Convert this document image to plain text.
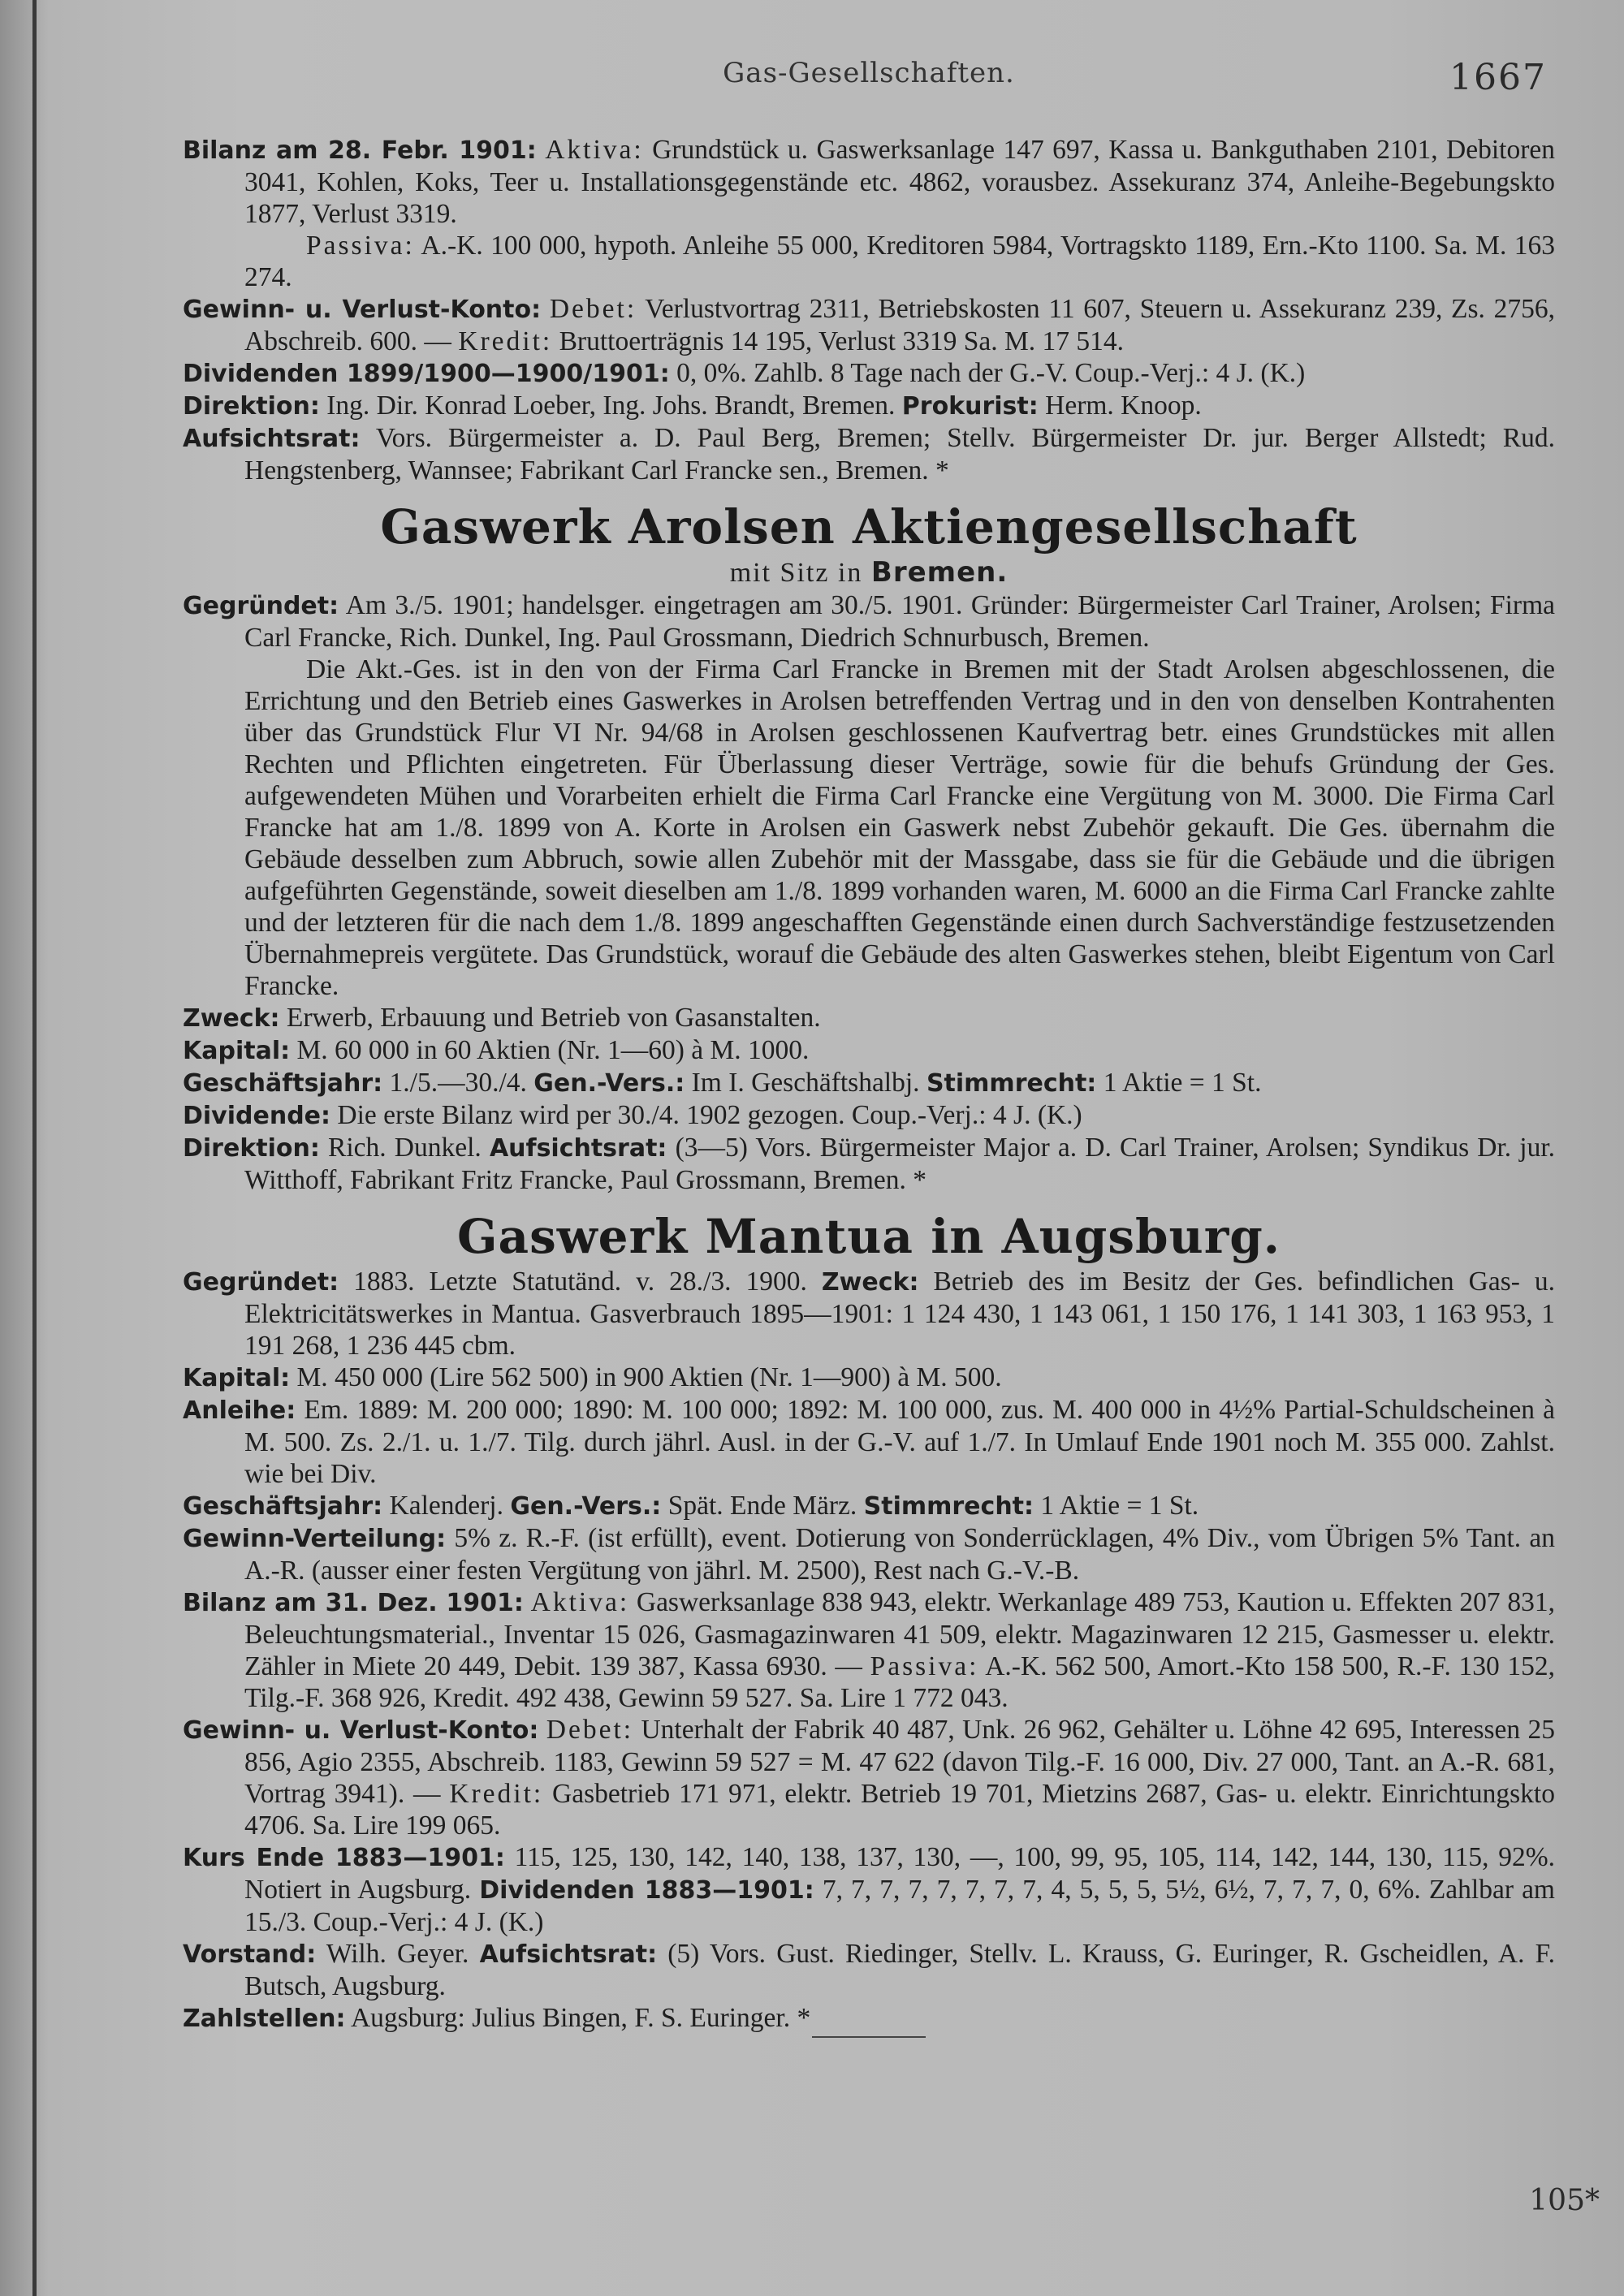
Gas-Gesellschaften.	1667

Bilanz am 28. Febr. 1901: Aktiva: Grundstück u. Gaswerksanlage 147 697, Kassa u. Bankguthaben 2101, Debitoren 3041, Kohlen, Koks, Teer u. Installationsgegenstände etc. 4862, vorausbez. Assekuranz 374, Anleihe-Begebungskto 1877, Verlust 3319.

Passiva: A.-K. 100 000, hypoth. Anleihe 55 000, Kreditoren 5984, Vortragskto 1189, Ern.-Kto 1100. Sa. M. 163 274.

Gewinn- u. Verlust-Konto: Debet: Verlustvortrag 2311, Betriebskosten 11 607, Steuern u. Assekuranz 239, Zs. 2756, Abschreib. 600. — Kredit: Bruttoerträgnis 14 195, Verlust 3319 Sa. M. 17 514.

Dividenden 1899/1900—1900/1901: 0, 0%. Zahlb. 8 Tage nach der G.-V. Coup.-Verj.: 4 J. (K.)

Direktion: Ing. Dir. Konrad Loeber, Ing. Johs. Brandt, Bremen. Prokurist: Herm. Knoop.

Aufsichtsrat: Vors. Bürgermeister a. D. Paul Berg, Bremen; Stellv. Bürgermeister Dr. jur. Berger Allstedt; Rud. Hengstenberg, Wannsee; Fabrikant Carl Francke sen., Bremen. *

Gaswerk Arolsen Aktiengesellschaft

mit Sitz in Bremen.

Gegründet: Am 3./5. 1901; handelsger. eingetragen am 30./5. 1901. Gründer: Bürgermeister Carl Trainer, Arolsen; Firma Carl Francke, Rich. Dunkel, Ing. Paul Grossmann, Diedrich Schnurbusch, Bremen.

Die Akt.-Ges. ist in den von der Firma Carl Francke in Bremen mit der Stadt Arolsen abgeschlossenen, die Errichtung und den Betrieb eines Gaswerkes in Arolsen betreffenden Vertrag und in den von denselben Kontrahenten über das Grundstück Flur VI Nr. 94/68 in Arolsen geschlossenen Kaufvertrag betr. eines Grundstückes mit allen Rechten und Pflichten eingetreten. Für Überlassung dieser Verträge, sowie für die behufs Gründung der Ges. aufgewendeten Mühen und Vorarbeiten erhielt die Firma Carl Francke eine Vergütung von M. 3000. Die Firma Carl Francke hat am 1./8. 1899 von A. Korte in Arolsen ein Gaswerk nebst Zubehör gekauft. Die Ges. übernahm die Gebäude desselben zum Abbruch, sowie allen Zubehör mit der Massgabe, dass sie für die Gebäude und die übrigen aufgeführten Gegenstände, soweit dieselben am 1./8. 1899 vorhanden waren, M. 6000 an die Firma Carl Francke zahlte und der letzteren für die nach dem 1./8. 1899 angeschafften Gegenstände einen durch Sachverständige festzusetzenden Übernahmepreis vergütete. Das Grundstück, worauf die Gebäude des alten Gaswerkes stehen, bleibt Eigentum von Carl Francke.

Zweck: Erwerb, Erbauung und Betrieb von Gasanstalten.

Kapital: M. 60 000 in 60 Aktien (Nr. 1—60) à M. 1000.

Geschäftsjahr: 1./5.—30./4. Gen.-Vers.: Im I. Geschäftshalbj. Stimmrecht: 1 Aktie = 1 St.

Dividende: Die erste Bilanz wird per 30./4. 1902 gezogen. Coup.-Verj.: 4 J. (K.)

Direktion: Rich. Dunkel. Aufsichtsrat: (3—5) Vors. Bürgermeister Major a. D. Carl Trainer, Arolsen; Syndikus Dr. jur. Witthoff, Fabrikant Fritz Francke, Paul Grossmann, Bremen. *

Gaswerk Mantua in Augsburg.

Gegründet: 1883. Letzte Statutänd. v. 28./3. 1900. Zweck: Betrieb des im Besitz der Ges. befindlichen Gas- u. Elektricitätswerkes in Mantua. Gasverbrauch 1895—1901: 1 124 430, 1 143 061, 1 150 176, 1 141 303, 1 163 953, 1 191 268, 1 236 445 cbm.

Kapital: M. 450 000 (Lire 562 500) in 900 Aktien (Nr. 1—900) à M. 500.

Anleihe: Em. 1889: M. 200 000; 1890: M. 100 000; 1892: M. 100 000, zus. M. 400 000 in 4½% Partial-Schuldscheinen à M. 500. Zs. 2./1. u. 1./7. Tilg. durch jährl. Ausl. in der G.-V. auf 1./7. In Umlauf Ende 1901 noch M. 355 000. Zahlst. wie bei Div.

Geschäftsjahr: Kalenderj. Gen.-Vers.: Spät. Ende März. Stimmrecht: 1 Aktie = 1 St.

Gewinn-Verteilung: 5% z. R.-F. (ist erfüllt), event. Dotierung von Sonderrücklagen, 4% Div., vom Übrigen 5% Tant. an A.-R. (ausser einer festen Vergütung von jährl. M. 2500), Rest nach G.-V.-B.

Bilanz am 31. Dez. 1901: Aktiva: Gaswerksanlage 838 943, elektr. Werkanlage 489 753, Kaution u. Effekten 207 831, Beleuchtungsmaterial., Inventar 15 026, Gasmagazinwaren 41 509, elektr. Magazinwaren 12 215, Gasmesser u. elektr. Zähler in Miete 20 449, Debit. 139 387, Kassa 6930. — Passiva: A.-K. 562 500, Amort.-Kto 158 500, R.-F. 130 152, Tilg.-F. 368 926, Kredit. 492 438, Gewinn 59 527. Sa. Lire 1 772 043.

Gewinn- u. Verlust-Konto: Debet: Unterhalt der Fabrik 40 487, Unk. 26 962, Gehälter u. Löhne 42 695, Interessen 25 856, Agio 2355, Abschreib. 1183, Gewinn 59 527 = M. 47 622 (davon Tilg.-F. 16 000, Div. 27 000, Tant. an A.-R. 681, Vortrag 3941). — Kredit: Gasbetrieb 171 971, elektr. Betrieb 19 701, Mietzins 2687, Gas- u. elektr. Einrichtungskto 4706. Sa. Lire 199 065.

Kurs Ende 1883—1901: 115, 125, 130, 142, 140, 138, 137, 130, —, 100, 99, 95, 105, 114, 142, 144, 130, 115, 92%. Notiert in Augsburg. Dividenden 1883—1901: 7, 7, 7, 7, 7, 7, 7, 7, 4, 5, 5, 5, 5½, 6½, 7, 7, 7, 0, 6%. Zahlbar am 15./3. Coup.-Verj.: 4 J. (K.)

Vorstand: Wilh. Geyer. Aufsichtsrat: (5) Vors. Gust. Riedinger, Stellv. L. Krauss, G. Euringer, R. Gscheidlen, A. F. Butsch, Augsburg.

Zahlstellen: Augsburg: Julius Bingen, F. S. Euringer. *

105*
